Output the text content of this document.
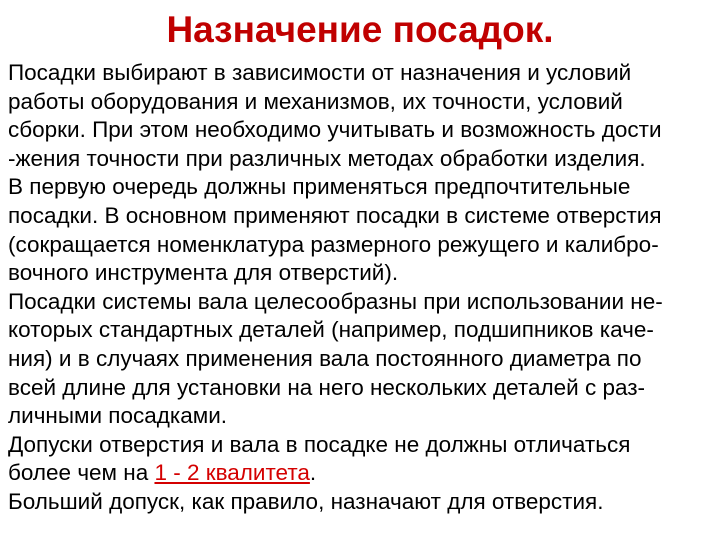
Назначение посадок.
Посадки выбирают в зависимости от назначения и условий
работы оборудования и механизмов, их точности, условий
сборки. При этом необходимо учитывать и возможность дости
-жения точности при различных методах обработки изделия.
В первую очередь должны применяться предпочтительные
посадки. В основном применяют посадки в системе отверстия
(сокращается номенклатура размерного режущего и калибро-
вочного инструмента для отверстий).
Посадки системы вала целесообразны при использовании не-
которых стандартных деталей (например, подшипников каче-
ния) и в случаях применения вала постоянного диаметра по
всей длине для установки на него нескольких деталей с раз-
личными посадками.
Допуски отверстия и вала в посадке не должны отличаться
более чем на 1 - 2 квалитета.
Больший допуск, как правило, назначают для отверстия.
